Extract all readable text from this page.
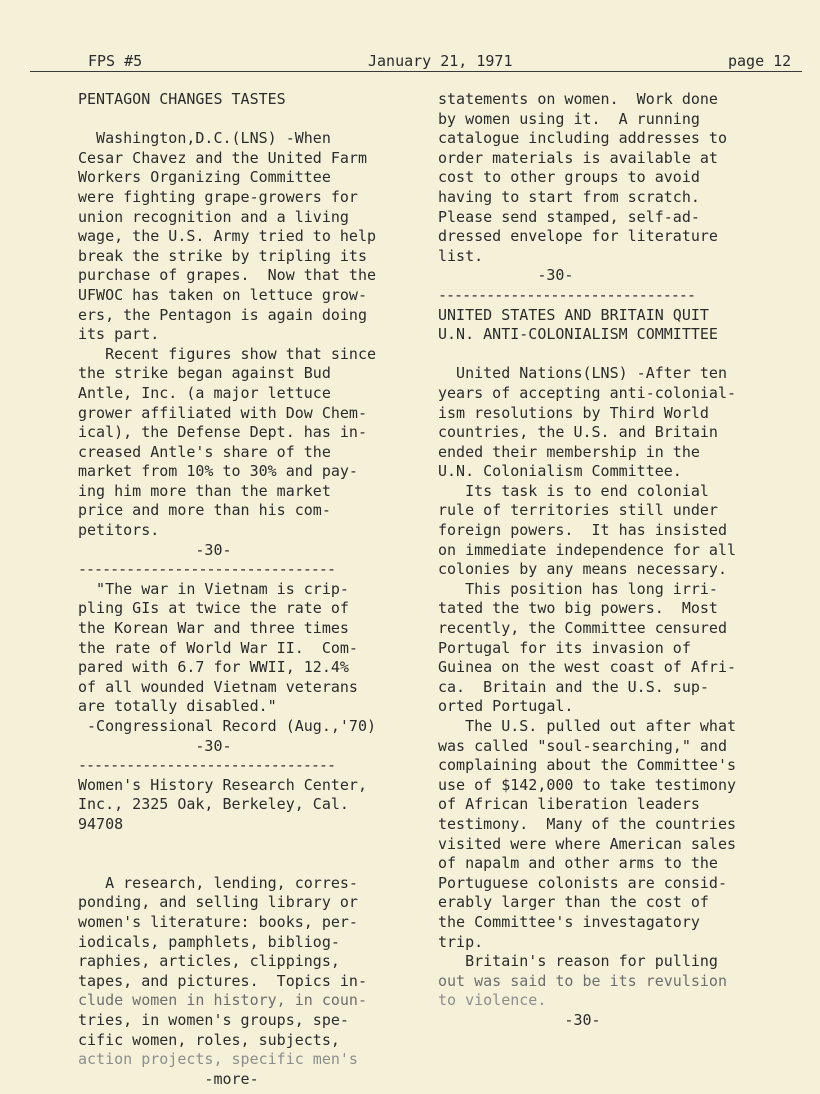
FPS #5	January 21, 1971	page 12

PENTAGON CHANGES TASTES

Washington,D.C.(LNS) -When

Cesar Chavez and the United Farm

Workers Organizing Committee

were fighting grape-growers for

union recognition and a living

wage, the U.S. Army tried to help

break the strike by tripling its

purchase of grapes.  Now that the

UFWOC has taken on lettuce grow-

ers, the Pentagon is again doing

its part.

Recent figures show that since

the strike began against Bud

Antle, Inc. (a major lettuce

grower affiliated with Dow Chem-

ical), the Defense Dept. has in-

creased Antle's share of the

market from 10% to 30% and pay-

ing him more than the market

price and more than his com-

petitors.

-30-

--------------------------------

"The war in Vietnam is crip-

pling GIs at twice the rate of

the Korean War and three times

the rate of World War II.  Com-

pared with 6.7 for WWII, 12.4%

of all wounded Vietnam veterans

are totally disabled."

-Congressional Record (Aug.,'70)

-30-

--------------------------------

Women's History Research Center,

Inc., 2325 Oak, Berkeley, Cal.

94708

A research, lending, corres-

ponding, and selling library or

women's literature: books, per-

iodicals, pamphlets, bibliog-

raphies, articles, clippings,

tapes, and pictures.  Topics in-

clude women in history, in coun-

tries, in women's groups, spe-

cific women, roles, subjects,

action projects, specific men's

-more-

statements on women.  Work done

by women using it.  A running

catalogue including addresses to

order materials is available at

cost to other groups to avoid

having to start from scratch.

Please send stamped, self-ad-

dressed envelope for literature

list.

-30-

--------------------------------

UNITED STATES AND BRITAIN QUIT

U.N. ANTI-COLONIALISM COMMITTEE

United Nations(LNS) -After ten

years of accepting anti-colonial-

ism resolutions by Third World

countries, the U.S. and Britain

ended their membership in the

U.N. Colonialism Committee.

Its task is to end colonial

rule of territories still under

foreign powers.  It has insisted

on immediate independence for all

colonies by any means necessary.

This position has long irri-

tated the two big powers.  Most

recently, the Committee censured

Portugal for its invasion of

Guinea on the west coast of Afri-

ca.  Britain and the U.S. sup-

orted Portugal.

The U.S. pulled out after what

was called "soul-searching," and

complaining about the Committee's

use of $142,000 to take testimony

of African liberation leaders

testimony.  Many of the countries

visited were where American sales

of napalm and other arms to the

Portuguese colonists are consid-

erably larger than the cost of

the Committee's investagatory

trip.

Britain's reason for pulling

out was said to be its revulsion

to violence.

-30-
